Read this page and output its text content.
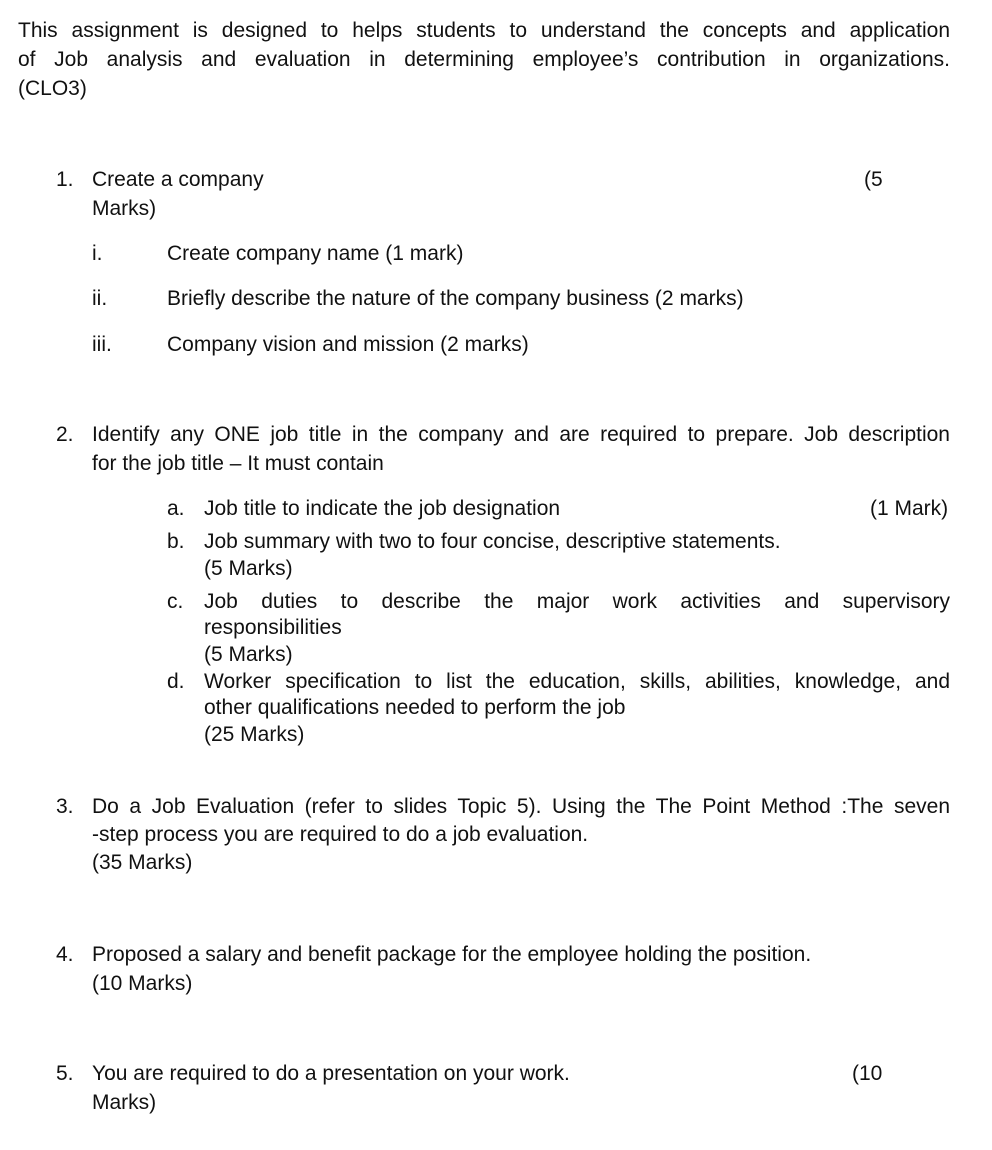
This assignment is designed to helps students to understand the concepts and application
of Job analysis and evaluation in determining employee’s contribution in organizations.
(CLO3)
1. Create a company	(5
Marks)
i.	Create company name (1 mark)
ii.	Briefly describe the nature of the company business (2 marks)
iii.	Company vision and mission (2 marks)
2. Identify any ONE job title in the company and are required to prepare. Job description
for the job title – It must contain
a. Job title to indicate the job designation	(1 Mark)
b. Job summary with two to four concise, descriptive statements.
(5 Marks)
c. Job duties to describe the major work activities and supervisory
responsibilities
(5 Marks)
d. Worker specification to list the education, skills, abilities, knowledge, and
other qualifications needed to perform the job
(25 Marks)
3. Do a Job Evaluation (refer to slides Topic 5). Using the The Point Method :The seven
-step process you are required to do a job evaluation.
(35 Marks)
4. Proposed a salary and benefit package for the employee holding the position.
(10 Marks)
5. You are required to do a presentation on your work.	(10
Marks)
